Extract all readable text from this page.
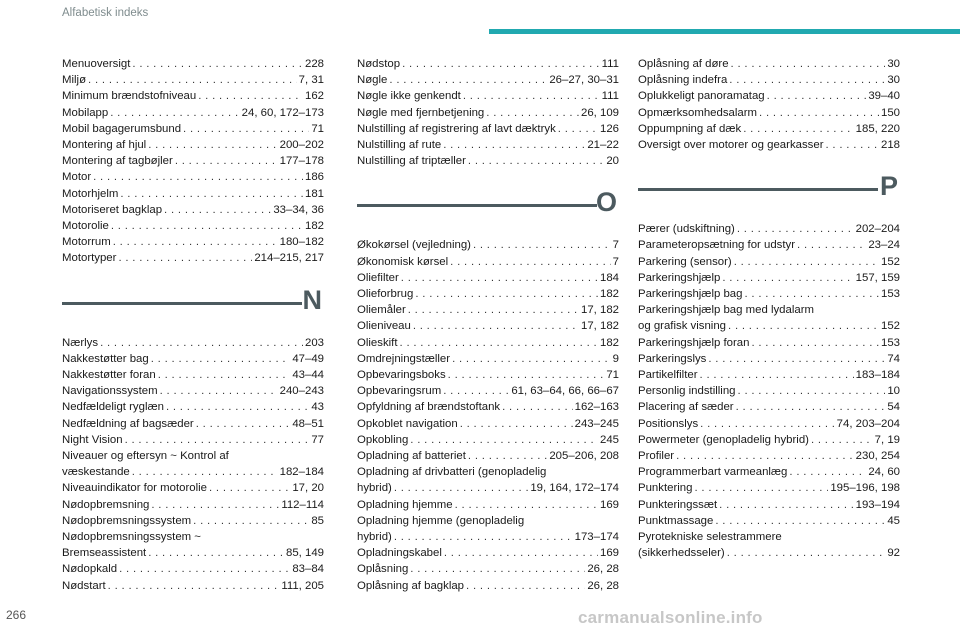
Alfabetisk indeks
Menuoversigt . . .	228
Miljø . . .	7, 31
Minimum brændstofniveau . . .	162
Mobilapp . . .	24, 60, 172–173
Mobil bagagerumsbund . . .	71
Montering af hjul . . .	200–202
Montering af tagbøjler . . .	177–178
Motor . . .	186
Motorhjelm . . .	181
Motoriseret bagklap . . .	33–34, 36
Motorolie . . .	182
Motorrum . . .	180–182
Motortyper . . .	214–215, 217
N
Nærlys . . .	203
Nakkestøtter bag . . .	47–49
Nakkestøtter foran . . .	43–44
Navigationssystem . . .	240–243
Nedfældeligt ryglæn . . .	43
Nedfældning af bagsæder . . .	48–51
Night Vision . . .	77
Niveauer og eftersyn ~ Kontrol af
væskestande . . .	182–184
Niveauindikator for motorolie . . .	17, 20
Nødopbremsning . . .	112–114
Nødopbremsningssystem . . .	85
Nødopbremsningssystem ~
Bremseassistent . . .	85, 149
Nødopkald . . .	83–84
Nødstart . . .	111, 205
Nødstop . . .	111
Nøgle . . .	26–27, 30–31
Nøgle ikke genkendt . . .	111
Nøgle med fjernbetjening . . .	26, 109
Nulstilling af registrering af lavt dæktryk . . .	126
Nulstilling af rute . . .	21–22
Nulstilling af triptæller . . .	20
O
Økokørsel (vejledning) . . .	7
Økonomisk kørsel . . .	7
Oliefilter . . .	184
Olieforbrug . . .	182
Oliemåler . . .	17, 182
Olieniveau . . .	17, 182
Olieskift . . .	182
Omdrejningstæller . . .	9
Opbevaringsboks . . .	71
Opbevaringsrum . . .	61, 63–64, 66, 66–67
Opfyldning af brændstoftank . . .	162–163
Opkoblet navigation . . .	243–245
Opkobling . . .	245
Opladning af batteriet . . .	205–206, 208
Opladning af drivbatteri (genopladelig
hybrid) . . .	19, 164, 172–174
Opladning hjemme . . .	169
Opladning hjemme (genopladelig
hybrid) . . .	173–174
Opladningskabel . . .	169
Oplåsning . . .	26, 28
Oplåsning af bagklap . . .	26, 28
Oplåsning af døre . . .	30
Oplåsning indefra . . .	30
Oplukkeligt panoramatag . . .	39–40
Opmærksomhedsalarm . . .	150
Oppumpning af dæk . . .	185, 220
Oversigt over motorer og gearkasser . . .	218
P
Pærer (udskiftning) . . .	202–204
Parameteropsætning for udstyr . . .	23–24
Parkering (sensor) . . .	152
Parkeringshjælp . . .	157, 159
Parkeringshjælp bag . . .	153
Parkeringshjælp bag med lydalarm
og grafisk visning . . .	152
Parkeringshjælp foran . . .	153
Parkeringslys . . .	74
Partikelfilter . . .	183–184
Personlig indstilling . . .	10
Placering af sæder . . .	54
Positionslys . . .	74, 203–204
Powermeter (genopladelig hybrid) . . .	7, 19
Profiler . . .	230, 254
Programmerbart varmeanlæg . . .	24, 60
Punktering . . .	195–196, 198
Punkteringssæt . . .	193–194
Punktmassage . . .	45
Pyrotekniske selestrammere
(sikkerhedsseler) . . .	92
266	carmanualsonline.info
